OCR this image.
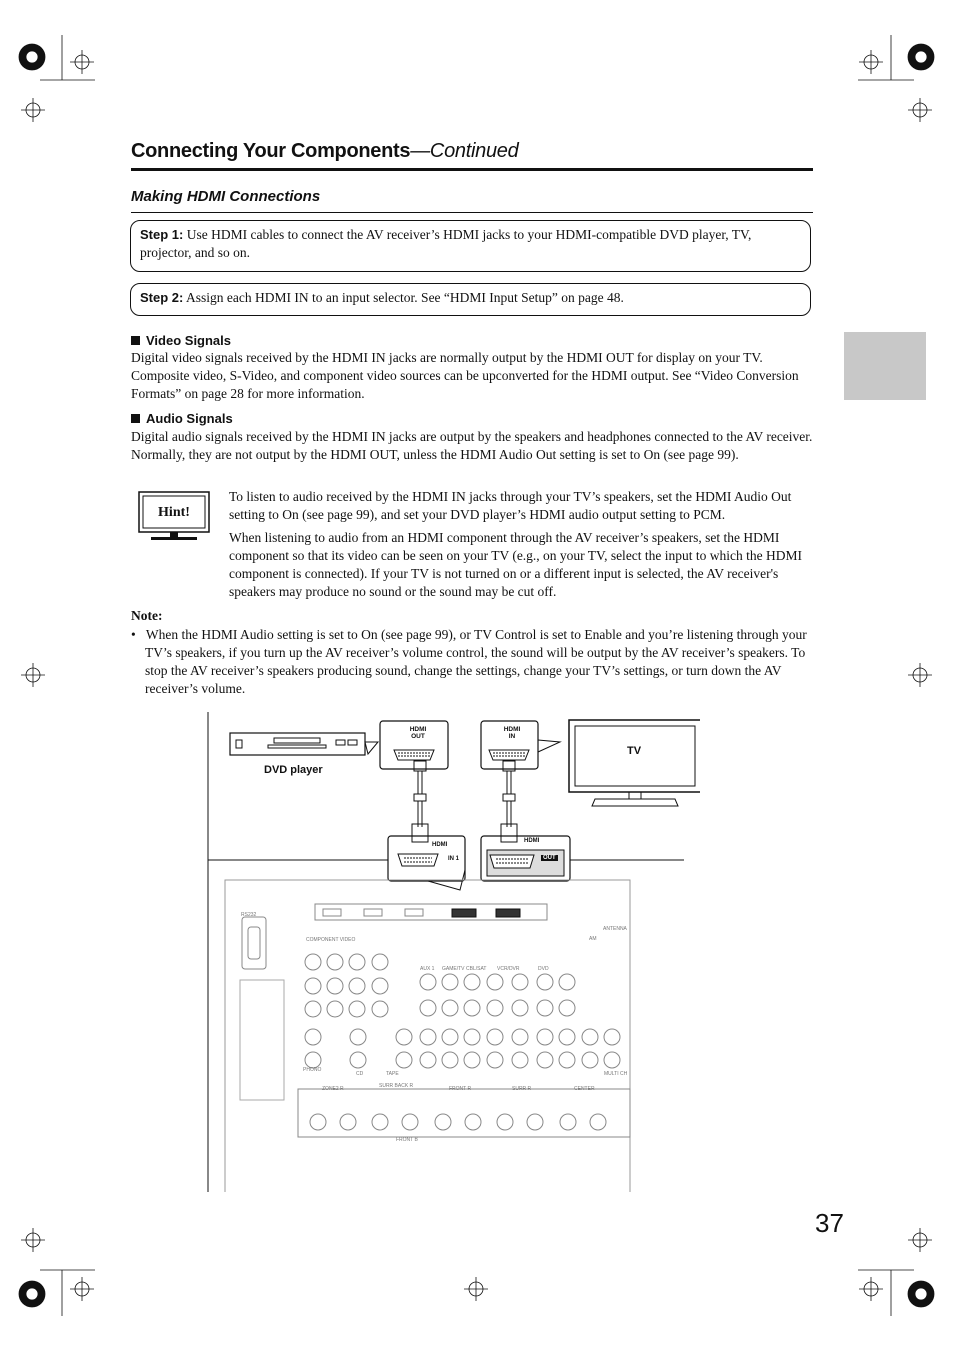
Connecting Your Components—Continued
Making HDMI Connections
Step 1: Use HDMI cables to connect the AV receiver’s HDMI jacks to your HDMI-compatible DVD player, TV, projector, and so on.
Step 2: Assign each HDMI IN to an input selector. See “HDMI Input Setup” on page 48.
Video Signals
Digital video signals received by the HDMI IN jacks are normally output by the HDMI OUT for display on your TV. Composite video, S-Video, and component video sources can be upconverted for the HDMI output. See “Video Conversion Formats” on page 28 for more information.
Audio Signals
Digital audio signals received by the HDMI IN jacks are output by the speakers and headphones connected to the AV receiver. Normally, they are not output by the HDMI OUT, unless the HDMI Audio Out setting is set to On (see page 99).
Hint!
To listen to audio received by the HDMI IN jacks through your TV’s speakers, set the HDMI Audio Out setting to On (see page 99), and set your DVD player’s HDMI audio output setting to PCM.
When listening to audio from an HDMI component through the AV receiver’s speakers, set the HDMI component so that its video can be seen on your TV (e.g., on your TV, select the input to which the HDMI component is connected). If your TV is not turned on or a different input is selected, the AV receiver's speakers may produce no sound or the sound may be cut off.
Note:
•   When the HDMI Audio setting is set to On (see page 99), or TV Control is set to Enable and you’re listening through your TV’s speakers, if you turn up the AV receiver’s volume control, the sound will be output by the AV receiver’s speakers. To stop the AV receiver’s speakers producing sound, change the settings, change your TV’s settings, or turn down the AV receiver’s volume.
DVD player
TV
HDMI
OUT
HDMI
IN
HDMI
IN 1
HDMI
OUT
RS232
COMPONENT VIDEO
AUX 1 GAME/TV CBL/SAT VCR/DVR	DVD
ANTENNA
AM
ZONE2 R	SURR BACK R	FRONT R	SURR R	CENTER
PHONO
CD	TAPE	MULTI CH
FRONT B
37
